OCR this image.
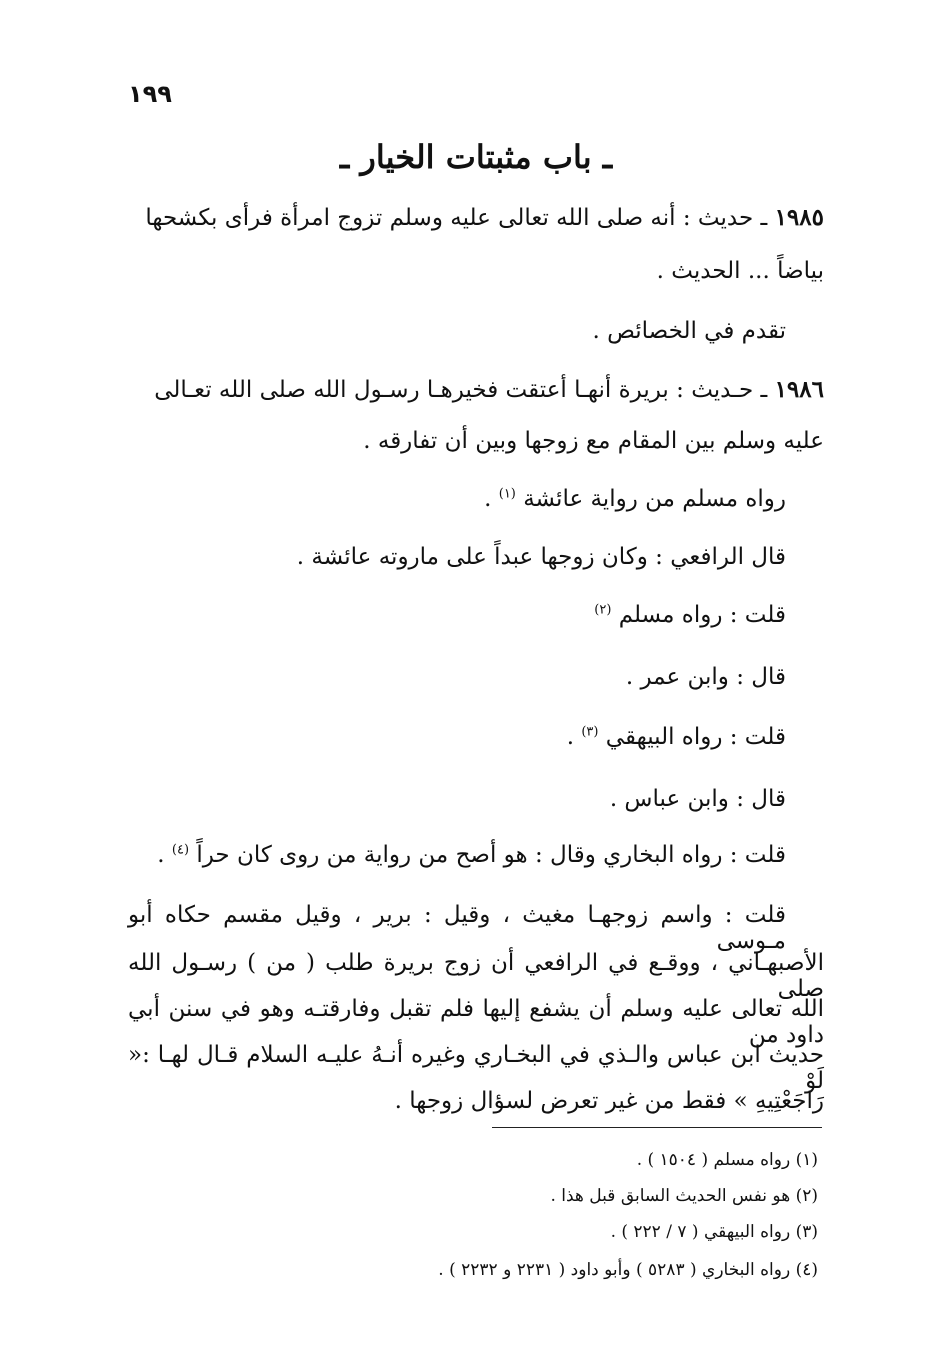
١٩٩
ـ باب مثبتات الخيار ـ
١٩٨٥ ـ حديث : أنه صلى الله تعالى عليه وسلم تزوج امرأة فرأى بكشحها
بياضاً ... الحديث .
تقدم في الخصائص .
١٩٨٦ ـ حـديث : بريرة أنهـا أعتقت فخيرهـا رسـول الله صلى الله تعـالى
عليه وسلم بين المقام مع زوجها وبين أن تفارقه .
رواه مسلم من رواية عائشة $^{(١)}$ .
قال الرافعي : وكان زوجها عبداً على ماروته عائشة .
قلت : رواه مسلم $^{(٢)}$
قال : وابن عمر .
قلت : رواه البيهقي $^{(٣)}$ .
قال : وابن عباس .
قلت : رواه البخاري وقال : هو أصح من رواية من روى كان حراً $^{(٤)}$ .
قلت : واسم زوجهـا مغيث ، وقيل : برير ، وقيل مقسم حكاه أبو مـوسى
الأصبهـاني ، ووقـع في الرافعي أن زوج بريرة طلب ( من ) رسـول الله صلى
الله تعالى عليه وسلم أن يشفع إليها فلم تقبل وفارقتـه وهو في سنن أبي داود من
حديث ابن عباس والـذي في البخـاري وغيره أنـهُ عليـه السلام قـال لهـا :« لَوْ
رَاجَعْتِيهِ » فقط من غير تعرض لسؤال زوجها .
(١) رواه مسلم ( ١٥٠٤ ) .
(٢) هو نفس الحديث السابق قبل هذا .
(٣) رواه البيهقي ( ٧ / ٢٢٢ ) .
(٤) رواه البخاري ( ٥٢٨٣ ) وأبو داود ( ٢٢٣١ و ٢٢٣٢ ) .
